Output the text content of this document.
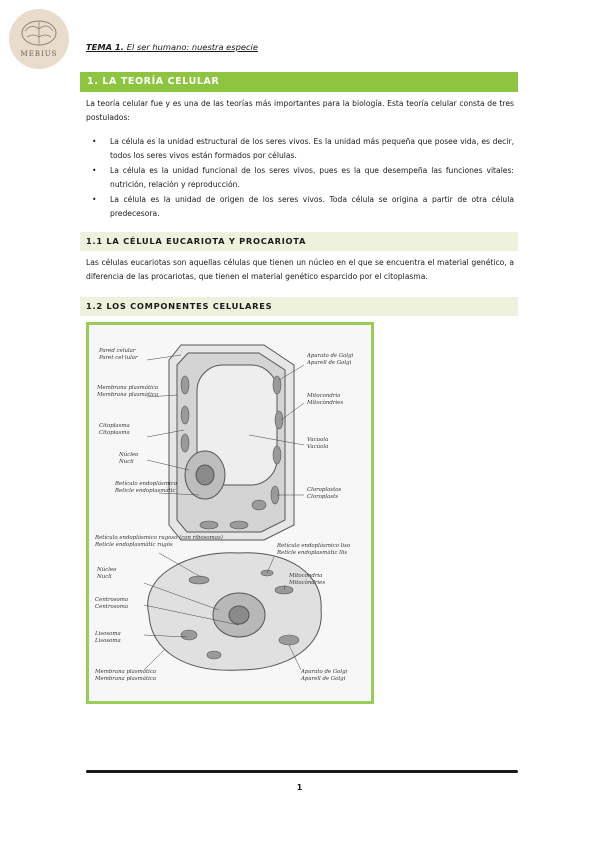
MEBIUS
TEMA 1. El ser humano: nuestra especie
1. LA TEORÍA CELULAR
La teoría celular fue y es una de las teorías más importantes para la biología. Esta teoría celular consta de tres postulados:
• La célula es la unidad estructural de los seres vivos. Es la unidad más pequeña que posee vida, es decir, todos los seres vivos están formados por células.
• La célula es la unidad funcional de los seres vivos, pues es la que desempeña las funciones vitales: nutrición, relación y reproducción.
• La célula es la unidad de origen de los seres vivos. Toda célula se origina a partir de otra célula predecesora.
1.1 LA CÉLULA EUCARIOTA Y PROCARIOTA
Las células eucariotas son aquellas células que tienen un núcleo en el que se encuentra el material genético, a diferencia de las procariotas, que tienen el material genético esparcido por el citoplasma.
1.2 LOS COMPONENTES CELULARES
Pared celular
Paret cel·lular
Membrana plasmática
Membrana plasmàtica
Citoplasma
Citoplasma
Núcleo
Nucli
Retículo endoplásmico
Reticle endoplasmàtic
Aparato de Golgi
Aparell de Golgi
Mitocondria
Mitocòndries
Vacuola
Vacúola
Cloroplastos
Cloroplasts
Retículo endoplásmico rugoso (con ribosomas)
Reticle endoplasmàtic rugós
Núcleo
Nucli
Centrosoma
Centrosoma
Lisosoma
Lisosoma
Membrana plasmática
Membrana plasmàtica
Retículo endoplásmico liso
Reticle endoplasmàtic llis
Mitocondria
Mitocòndries
Aparato de Golgi
Aparell de Golgi
1
